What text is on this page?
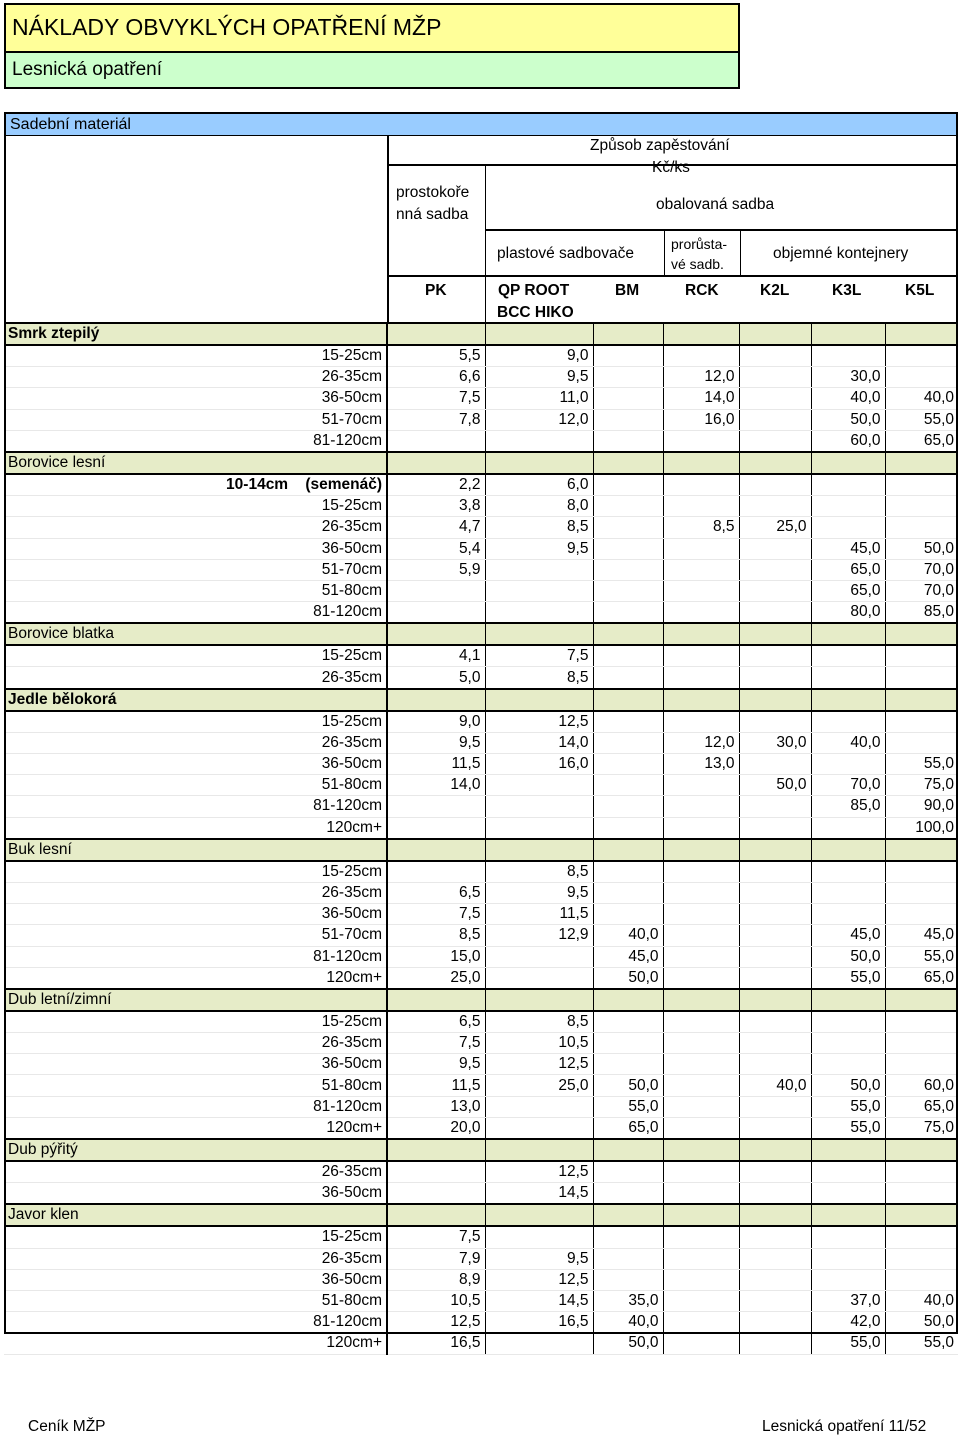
NÁKLADY OBVYKLÝCH OPATŘENÍ MŽP
Lesnická opatření
Sadební materiál
Způsob zapěstování
Kč/ks
prostokoře
nná sadba
obalovaná sadba
plastové sadbovače
prorůsta-
vé sadb.
objemné kontejnery
PK	QP ROOT
BCC HIKO
BM	RCK	K2L	K3L	K5L
Smrk ztepilý							
15-25cm	5,5	9,0					
26-35cm	6,6	9,5		12,0		30,0	
36-50cm	7,5	11,0		14,0		40,0	40,0
51-70cm	7,8	12,0		16,0		50,0	55,0
81-120cm						60,0	65,0
Borovice lesní							
10-14cm    (semenáč)	2,2	6,0					
15-25cm	3,8	8,0					
26-35cm	4,7	8,5		8,5	25,0		
36-50cm	5,4	9,5				45,0	50,0
51-70cm	5,9					65,0	70,0
51-80cm						65,0	70,0
81-120cm						80,0	85,0
Borovice blatka							
15-25cm	4,1	7,5					
26-35cm	5,0	8,5					
Jedle bělokorá							
15-25cm	9,0	12,5					
26-35cm	9,5	14,0		12,0	30,0	40,0	
36-50cm	11,5	16,0		13,0			55,0
51-80cm	14,0				50,0	70,0	75,0
81-120cm						85,0	90,0
120cm+							100,0
Buk lesní							
15-25cm		8,5					
26-35cm	6,5	9,5					
36-50cm	7,5	11,5					
51-70cm	8,5	12,9	40,0			45,0	45,0
81-120cm	15,0		45,0			50,0	55,0
120cm+	25,0		50,0			55,0	65,0
Dub letní/zimní							
15-25cm	6,5	8,5					
26-35cm	7,5	10,5					
36-50cm	9,5	12,5					
51-80cm	11,5	25,0	50,0		40,0	50,0	60,0
81-120cm	13,0		55,0			55,0	65,0
120cm+	20,0		65,0			55,0	75,0
Dub pýřitý							
26-35cm		12,5					
36-50cm		14,5					
Javor klen							
15-25cm	7,5						
26-35cm	7,9	9,5					
36-50cm	8,9	12,5					
51-80cm	10,5	14,5	35,0			37,0	40,0
81-120cm	12,5	16,5	40,0			42,0	50,0
120cm+	16,5		50,0			55,0	55,0
Ceník MŽP	Lesnická opatření 11/52
